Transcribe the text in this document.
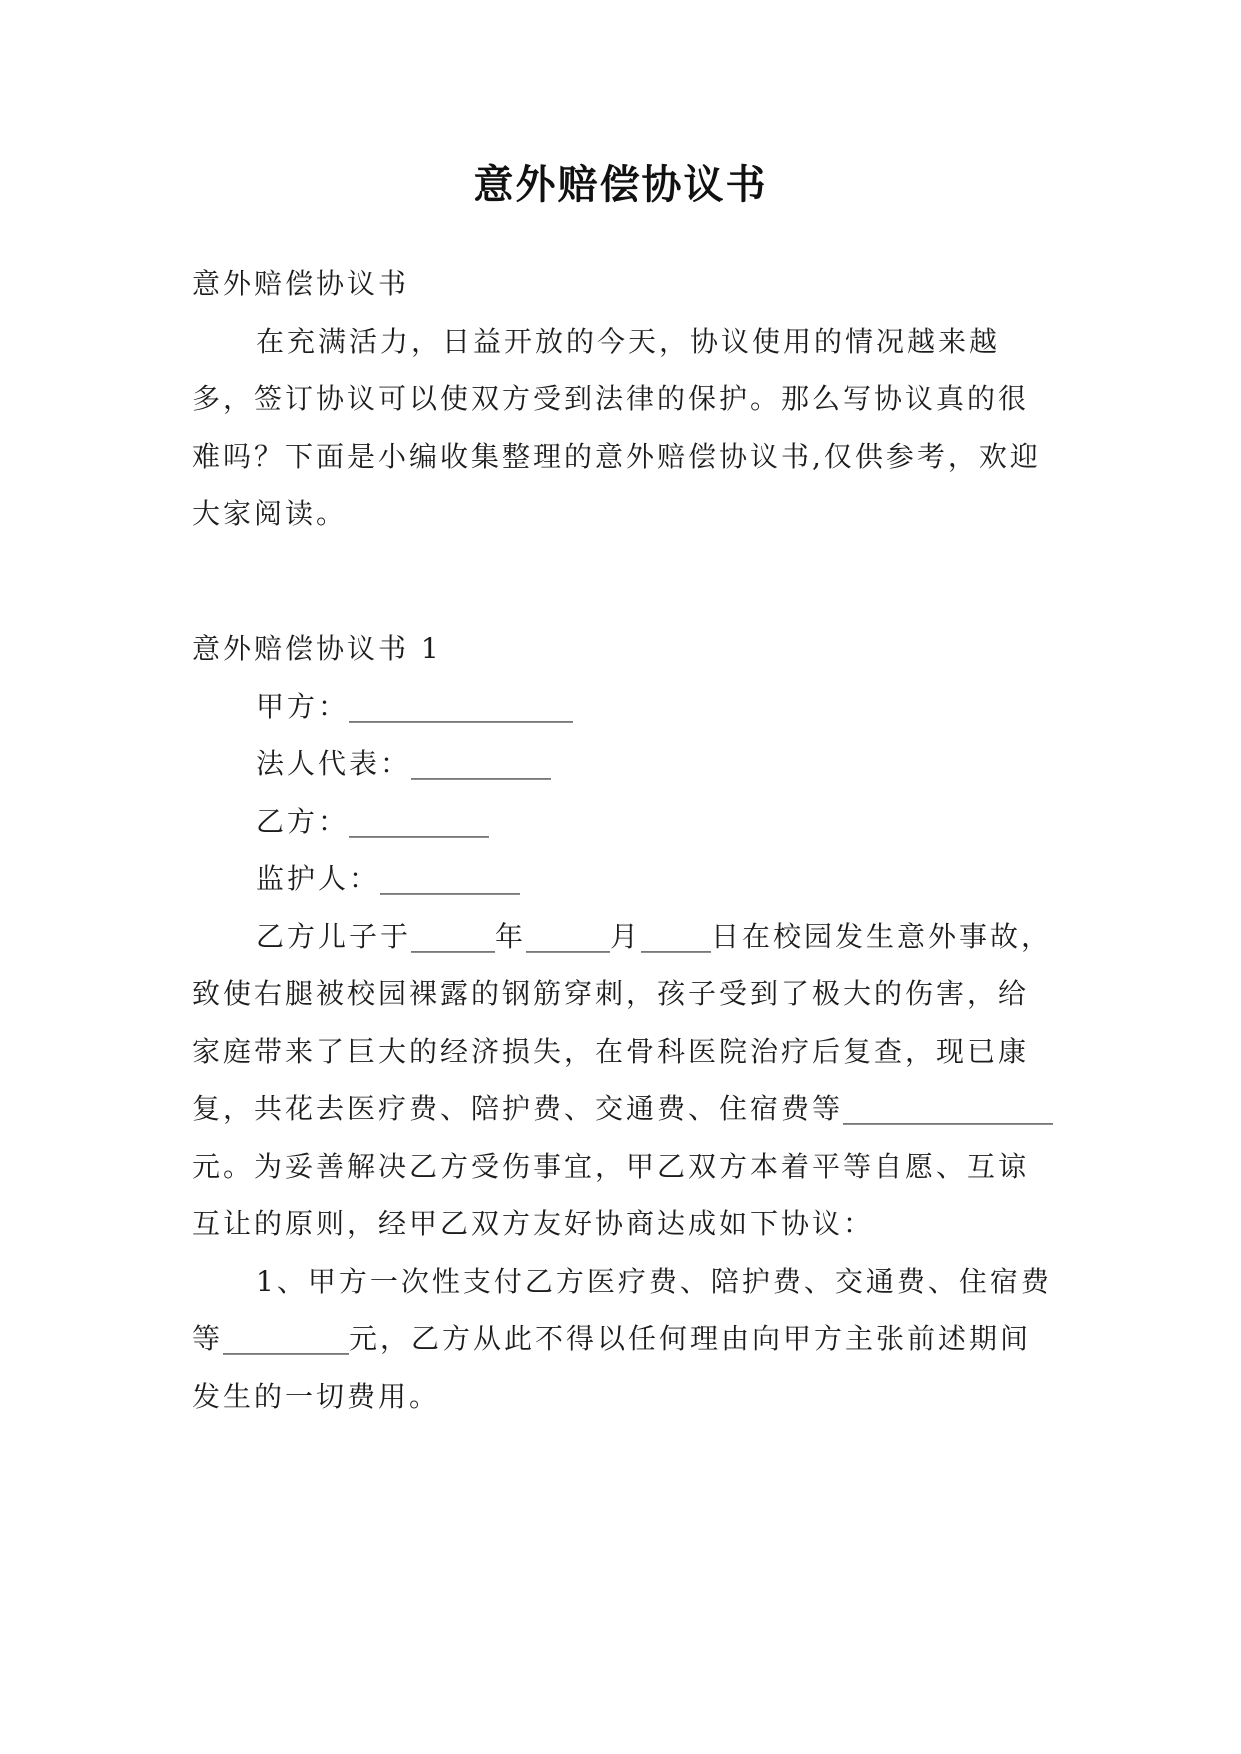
意外赔偿协议书

意外赔偿协议书

在充满活力，日益开放的今天，协议使用的情况越来越多，签订协议可以使双方受到法律的保护。那么写协议真的很难吗？下面是小编收集整理的意外赔偿协议书,仅供参考，欢迎大家阅读。

意外赔偿协议书 1

甲方：________________

法人代表：__________

乙方：__________

监护人：__________

乙方儿子于______年______月_____日在校园发生意外事故，致使右腿被校园裸露的钢筋穿刺，孩子受到了极大的伤害，给家庭带来了巨大的经济损失，在骨科医院治疗后复查，现已康复，共花去医疗费、陪护费、交通费、住宿费等_______________元。为妥善解决乙方受伤事宜，甲乙双方本着平等自愿、互谅互让的原则，经甲乙双方友好协商达成如下协议：

1、甲方一次性支付乙方医疗费、陪护费、交通费、住宿费等_________元，乙方从此不得以任何理由向甲方主张前述期间发生的一切费用。
